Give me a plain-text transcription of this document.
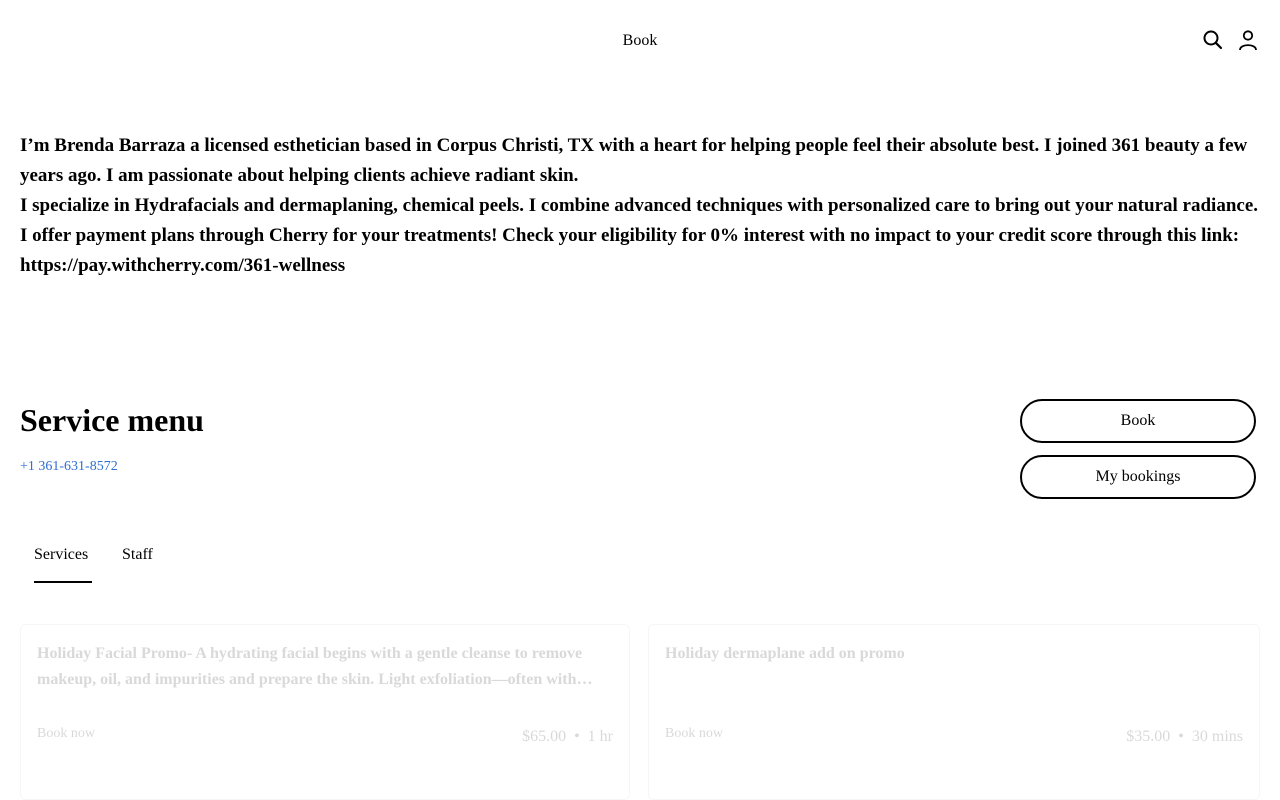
Book

I’m Brenda Barraza a licensed esthetician based in Corpus Christi, TX with a heart for helping people feel their absolute best. I joined 361 beauty a few years ago. I am passionate about helping clients achieve radiant skin.

I specialize in Hydrafacials and dermaplaning, chemical peels. I combine advanced techniques with personalized care to bring out your natural radiance.

I offer payment plans through Cherry for your treatments! Check your eligibility for 0% interest with no impact to your credit score through this link: https://pay.withcherry.com/361-wellness

Service menu
+1 361-631-8572
Book
My bookings
Services Staff
Holiday Facial Promo- A hydrating facial begins with a gentle cleanse to remove makeup, oil, and impurities and prepare the skin. Light exfoliation—often with…
Book now	$65.00 • 1 hr
Holiday dermaplane add on promo
Book now	$35.00 • 30 mins
